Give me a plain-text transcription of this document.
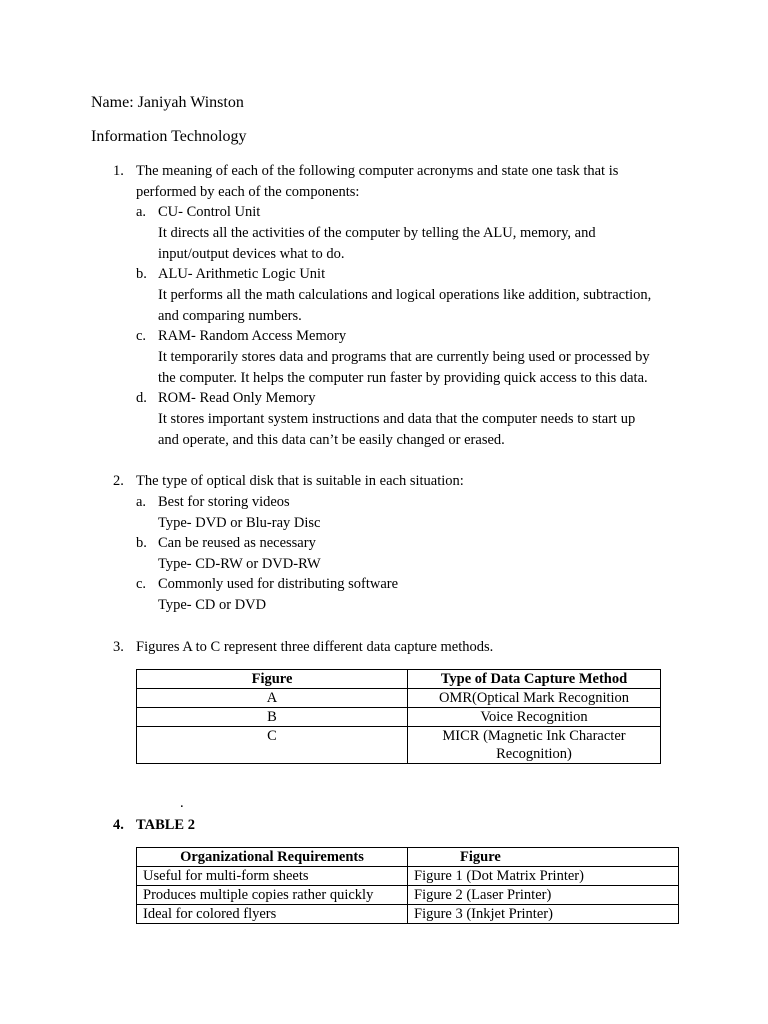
Name: Janiyah Winston
Information Technology
1. The meaning of each of the following computer acronyms and state one task that is
performed by each of the components:
a. CU- Control Unit
It directs all the activities of the computer by telling the ALU, memory, and
input/output devices what to do.
b. ALU- Arithmetic Logic Unit
It performs all the math calculations and logical operations like addition, subtraction,
and comparing numbers.
c. RAM- Random Access Memory
It temporarily stores data and programs that are currently being used or processed by
the computer. It helps the computer run faster by providing quick access to this data.
d. ROM- Read Only Memory
It stores important system instructions and data that the computer needs to start up
and operate, and this data can’t be easily changed or erased.
2. The type of optical disk that is suitable in each situation:
a. Best for storing videos
Type- DVD or Blu-ray Disc
b. Can be reused as necessary
Type- CD-RW or DVD-RW
c. Commonly used for distributing software
Type- CD or DVD
3. Figures A to C represent three different data capture methods.
Figure	Type of Data Capture Method
A	OMR(Optical Mark Recognition
B	Voice Recognition
C	MICR (Magnetic Ink Character Recognition)
.
4. TABLE 2
Organizational Requirements	Figure
Useful for multi-form sheets	Figure 1 (Dot Matrix Printer)
Produces multiple copies rather quickly	Figure 2 (Laser Printer)
Ideal for colored flyers	Figure 3 (Inkjet Printer)
